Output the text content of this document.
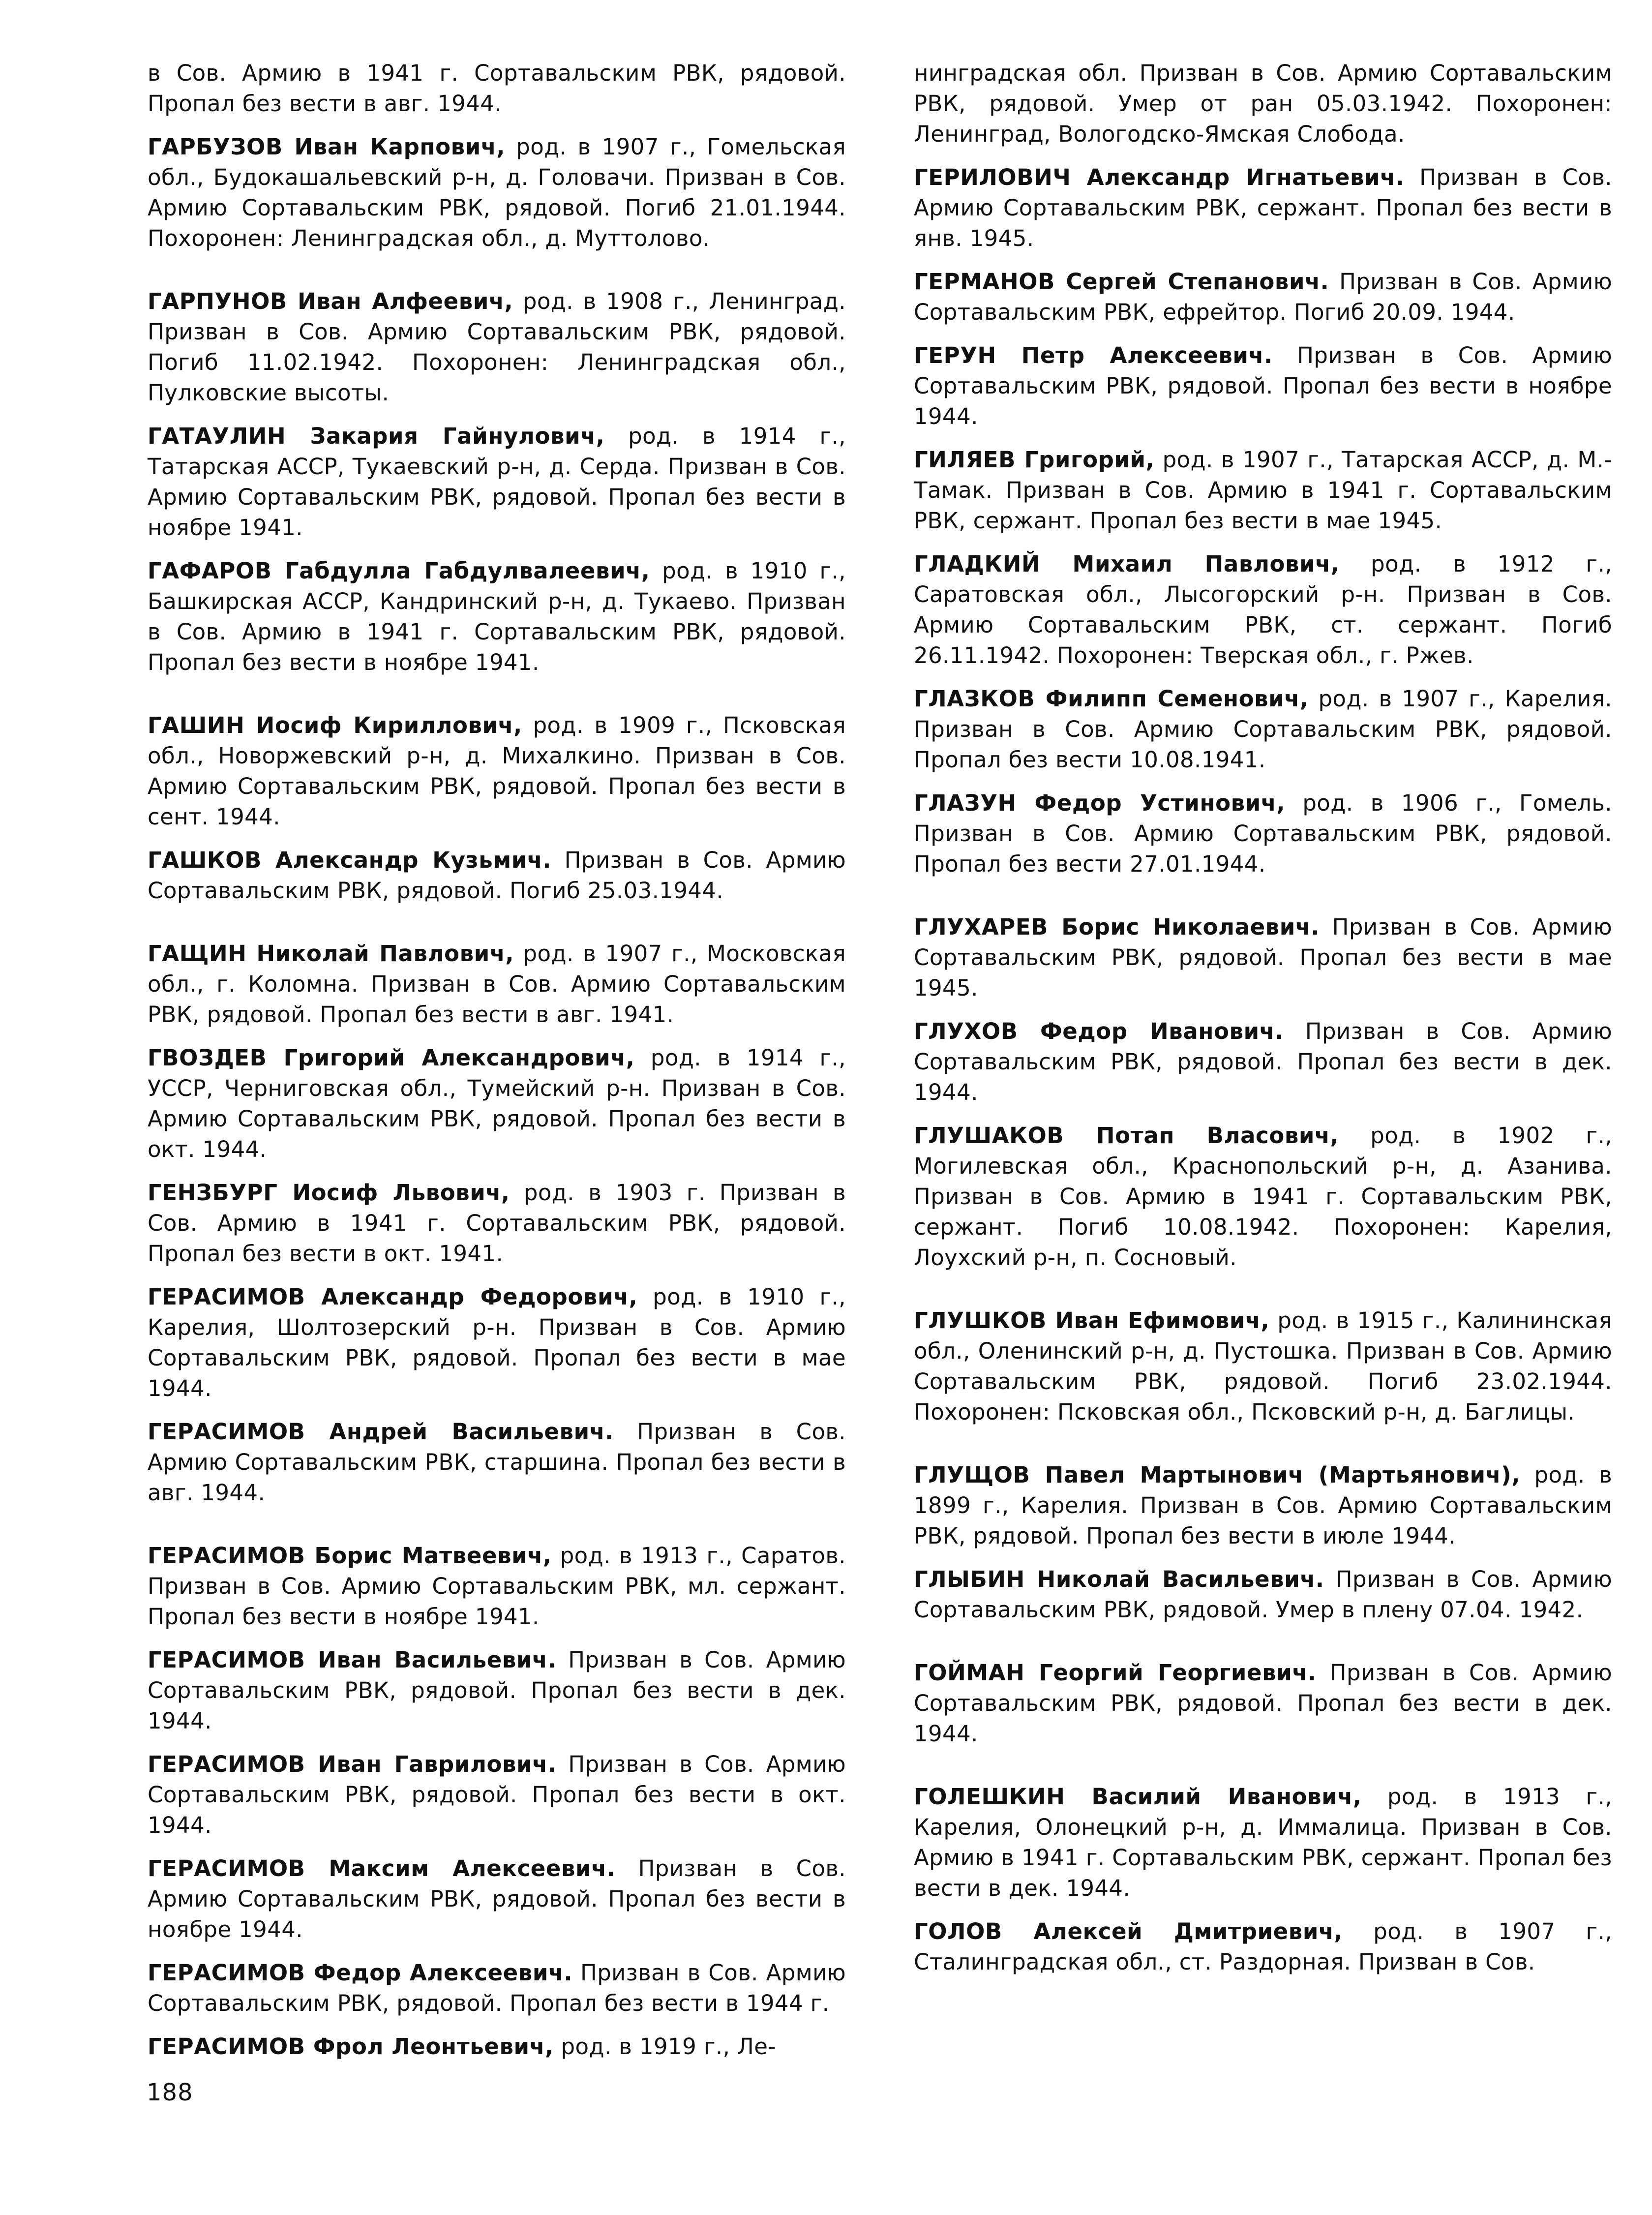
в Сов. Армию в 1941 г. Сортавальским РВК, рядовой. Пропал без вести в авг. 1944.

ГАРБУЗОВ Иван Карпович, род. в 1907 г., Гомельская обл., Будокашальевский р-н, д. Головачи. Призван в Сов. Армию Сортавальским РВК, рядовой. Погиб 21.01.1944. Похоронен: Ленинградская обл., д. Муттолово.

ГАРПУНОВ Иван Алфеевич, род. в 1908 г., Ленинград. Призван в Сов. Армию Сортавальским РВК, рядовой. Погиб 11.02.1942. Похоронен: Ленинградская обл., Пулковские высоты.

ГАТАУЛИН Закария Гайнулович, род. в 1914 г., Татарская АССР, Тукаевский р-н, д. Серда. Призван в Сов. Армию Сортавальским РВК, рядовой. Пропал без вести в ноябре 1941.

ГАФАРОВ Габдулла Габдулвалеевич, род. в 1910 г., Башкирская АССР, Кандринский р-н, д. Тукаево. Призван в Сов. Армию в 1941 г. Сортавальским РВК, рядовой. Пропал без вести в ноябре 1941.

ГАШИН Иосиф Кириллович, род. в 1909 г., Псковская обл., Новоржевский р-н, д. Михалкино. Призван в Сов. Армию Сортавальским РВК, рядовой. Пропал без вести в сент. 1944.

ГАШКОВ Александр Кузьмич. Призван в Сов. Армию Сортавальским РВК, рядовой. Погиб 25.03.1944.

ГАЩИН Николай Павлович, род. в 1907 г., Московская обл., г. Коломна. Призван в Сов. Армию Сортавальским РВК, рядовой. Пропал без вести в авг. 1941.

ГВОЗДЕВ Григорий Александрович, род. в 1914 г., УССР, Черниговская обл., Тумейский р-н. Призван в Сов. Армию Сортавальским РВК, рядовой. Пропал без вести в окт. 1944.

ГЕНЗБУРГ Иосиф Львович, род. в 1903 г. Призван в Сов. Армию в 1941 г. Сортавальским РВК, рядовой. Пропал без вести в окт. 1941.

ГЕРАСИМОВ Александр Федорович, род. в 1910 г., Карелия, Шолтозерский р-н. Призван в Сов. Армию Сортавальским РВК, рядовой. Пропал без вести в мае 1944.

ГЕРАСИМОВ Андрей Васильевич. Призван в Сов. Армию Сортавальским РВК, старшина. Пропал без вести в авг. 1944.

ГЕРАСИМОВ Борис Матвеевич, род. в 1913 г., Саратов. Призван в Сов. Армию Сортавальским РВК, мл. сержант. Пропал без вести в ноябре 1941.

ГЕРАСИМОВ Иван Васильевич. Призван в Сов. Армию Сортавальским РВК, рядовой. Пропал без вести в дек. 1944.

ГЕРАСИМОВ Иван Гаврилович. Призван в Сов. Армию Сортавальским РВК, рядовой. Пропал без вести в окт. 1944.

ГЕРАСИМОВ Максим Алексеевич. Призван в Сов. Армию Сортавальским РВК, рядовой. Пропал без вести в ноябре 1944.

ГЕРАСИМОВ Федор Алексеевич. Призван в Сов. Армию Сортавальским РВК, рядовой. Пропал без вести в 1944 г.

ГЕРАСИМОВ Фрол Леонтьевич, род. в 1919 г., Ле-

нинградская обл. Призван в Сов. Армию Сортавальским РВК, рядовой. Умер от ран 05.03.1942. Похоронен: Ленинград, Вологодско-Ямская Слобода.

ГЕРИЛОВИЧ Александр Игнатьевич. Призван в Сов. Армию Сортавальским РВК, сержант. Пропал без вести в янв. 1945.

ГЕРМАНОВ Сергей Степанович. Призван в Сов. Армию Сортавальским РВК, ефрейтор. Погиб 20.09. 1944.

ГЕРУН Петр Алексеевич. Призван в Сов. Армию Сортавальским РВК, рядовой. Пропал без вести в ноябре 1944.

ГИЛЯЕВ Григорий, род. в 1907 г., Татарская АССР, д. М.-Тамак. Призван в Сов. Армию в 1941 г. Сортавальским РВК, сержант. Пропал без вести в мае 1945.

ГЛАДКИЙ Михаил Павлович, род. в 1912 г., Саратовская обл., Лысогорский р-н. Призван в Сов. Армию Сортавальским РВК, ст. сержант. Погиб 26.11.1942. Похоронен: Тверская обл., г. Ржев.

ГЛАЗКОВ Филипп Семенович, род. в 1907 г., Карелия. Призван в Сов. Армию Сортавальским РВК, рядовой. Пропал без вести 10.08.1941.

ГЛАЗУН Федор Устинович, род. в 1906 г., Гомель. Призван в Сов. Армию Сортавальским РВК, рядовой. Пропал без вести 27.01.1944.

ГЛУХАРЕВ Борис Николаевич. Призван в Сов. Армию Сортавальским РВК, рядовой. Пропал без вести в мае 1945.

ГЛУХОВ Федор Иванович. Призван в Сов. Армию Сортавальским РВК, рядовой. Пропал без вести в дек. 1944.

ГЛУШАКОВ Потап Власович, род. в 1902 г., Могилевская обл., Краснопольский р-н, д. Азанива. Призван в Сов. Армию в 1941 г. Сортавальским РВК, сержант. Погиб 10.08.1942. Похоронен: Карелия, Лоухский р-н, п. Сосновый.

ГЛУШКОВ Иван Ефимович, род. в 1915 г., Калининская обл., Оленинский р-н, д. Пустошка. Призван в Сов. Армию Сортавальским РВК, рядовой. Погиб 23.02.1944. Похоронен: Псковская обл., Псковский р-н, д. Баглицы.

ГЛУЩОВ Павел Мартынович (Мартьянович), род. в 1899 г., Карелия. Призван в Сов. Армию Сортавальским РВК, рядовой. Пропал без вести в июле 1944.

ГЛЫБИН Николай Васильевич. Призван в Сов. Армию Сортавальским РВК, рядовой. Умер в плену 07.04. 1942.

ГОЙМАН Георгий Георгиевич. Призван в Сов. Армию Сортавальским РВК, рядовой. Пропал без вести в дек. 1944.

ГОЛЕШКИН Василий Иванович, род. в 1913 г., Карелия, Олонецкий р-н, д. Иммалица. Призван в Сов. Армию в 1941 г. Сортавальским РВК, сержант. Пропал без вести в дек. 1944.

ГОЛОВ Алексей Дмитриевич, род. в 1907 г., Сталинградская обл., ст. Раздорная. Призван в Сов.

188
